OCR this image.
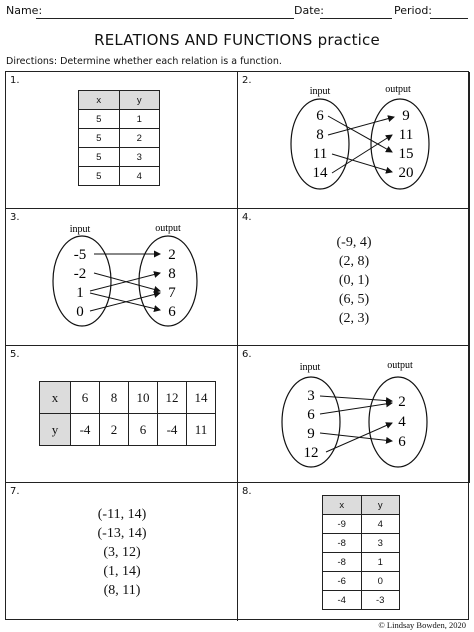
Name:	Date:	Period:
RELATIONS AND FUNCTIONS practice
Directions: Determine whether each relation is a function.
1.
x	y
5	1
5	2
5	3
5	4
2.
input	output
6
8
11
14
9
11
15
20
3.
input	output
-5
-2
1
0
2
8
7
6
4.
(-9, 4)
(2, 8)
(0, 1)
(6, 5)
(2, 3)
5.
x	6	8	10	12	14
y	-4	2	6	-4	11
6.
input	output
3
6
9
12
2
4
6
7.
(-11, 14)
(-13, 14)
(3, 12)
(1, 14)
(8, 11)
8.
x	y
-9	4
-8	3
-8	1
-6	0
-4	-3
© Lindsay Bowden, 2020
